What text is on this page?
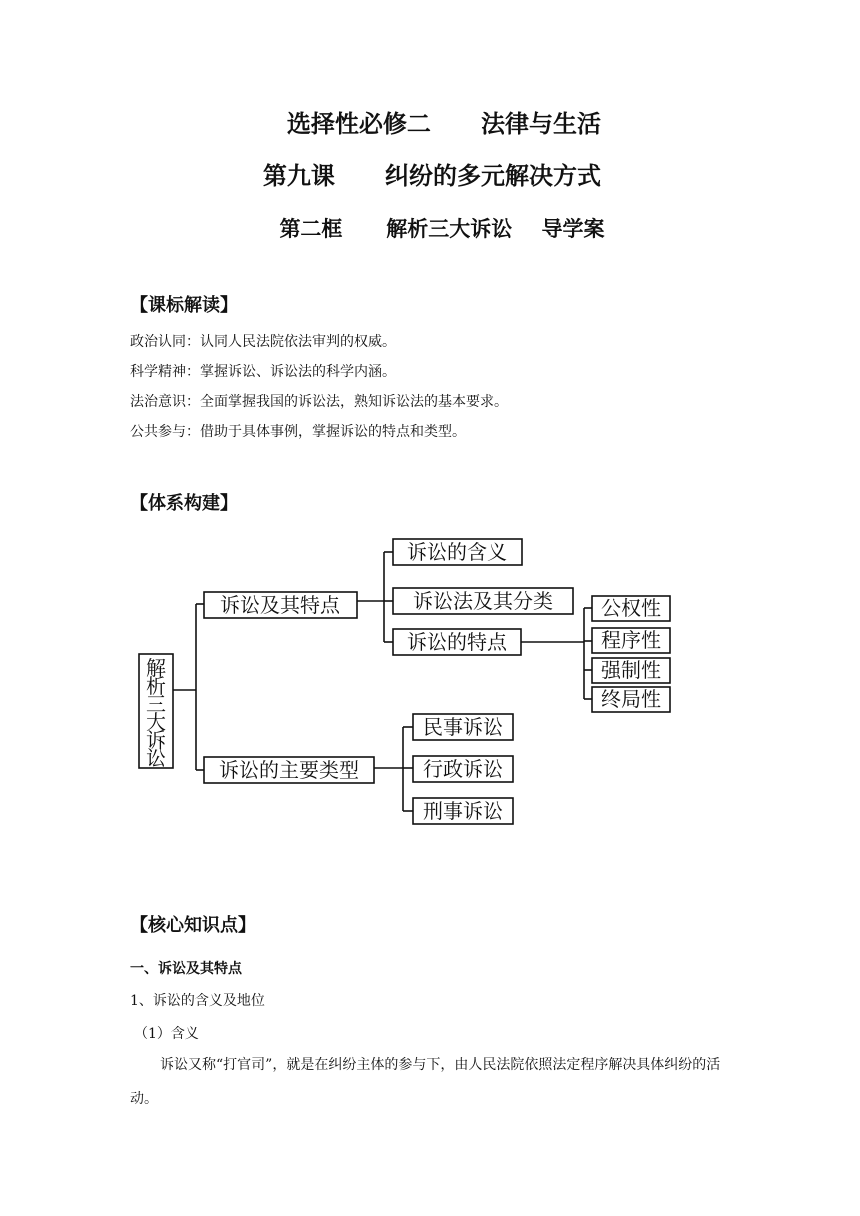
选择性必修二      法律与生活
第九课      纠纷的多元解决方式
第二框      解析三大诉讼    导学案
【课标解读】
政治认同：认同人民法院依法审判的权威。
科学精神：掌握诉讼、诉讼法的科学内涵。
法治意识：全面掌握我国的诉讼法，熟知诉讼法的基本要求。
公共参与：借助于具体事例，掌握诉讼的特点和类型。
【体系构建】
解
析
三
大
诉
讼
诉讼及其特点
诉讼的含义
诉讼法及其分类
诉讼的特点
公权性
程序性
强制性
终局性
诉讼的主要类型
民事诉讼
行政诉讼
刑事诉讼
【核心知识点】
一、诉讼及其特点
1、诉讼的含义及地位
（1）含义
诉讼又称“打官司”，就是在纠纷主体的参与下，由人民法院依照法定程序解决具体纠纷的活动。
